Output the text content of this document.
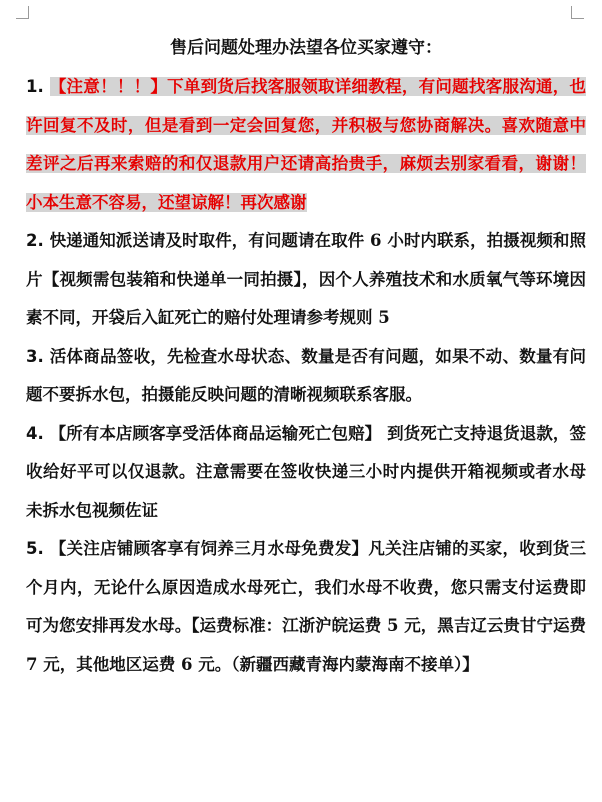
售后问题处理办法望各位买家遵守：

1. 【注意！！！】下单到货后找客服领取详细教程，有问题找客服沟通，也许回复不及时，但是看到一定会回复您，并积极与您协商解决。喜欢随意中差评之后再来索赔的和仅退款用户还请高抬贵手，麻烦去别家看看，谢谢！小本生意不容易，还望谅解！再次感谢

2. 快递通知派送请及时取件，有问题请在取件 6 小时内联系，拍摄视频和照片【视频需包装箱和快递单一同拍摄】，因个人养殖技术和水质氧气等环境因素不同，开袋后入缸死亡的赔付处理请参考规则 5

3. 活体商品签收，先检查水母状态、数量是否有问题，如果不动、数量有问题不要拆水包，拍摄能反映问题的清晰视频联系客服。

4. 【所有本店顾客享受活体商品运输死亡包赔】 到货死亡支持退货退款，签收给好平可以仅退款。注意需要在签收快递三小时内提供开箱视频或者水母未拆水包视频佐证

5. 【关注店铺顾客享有饲养三月水母免费发】凡关注店铺的买家，收到货三个月内，无论什么原因造成水母死亡，我们水母不收费，您只需支付运费即可为您安排再发水母。【运费标准：江浙沪皖运费 5 元，黑吉辽云贵甘宁运费 7 元，其他地区运费 6 元。（新疆西藏青海内蒙海南不接单）】
